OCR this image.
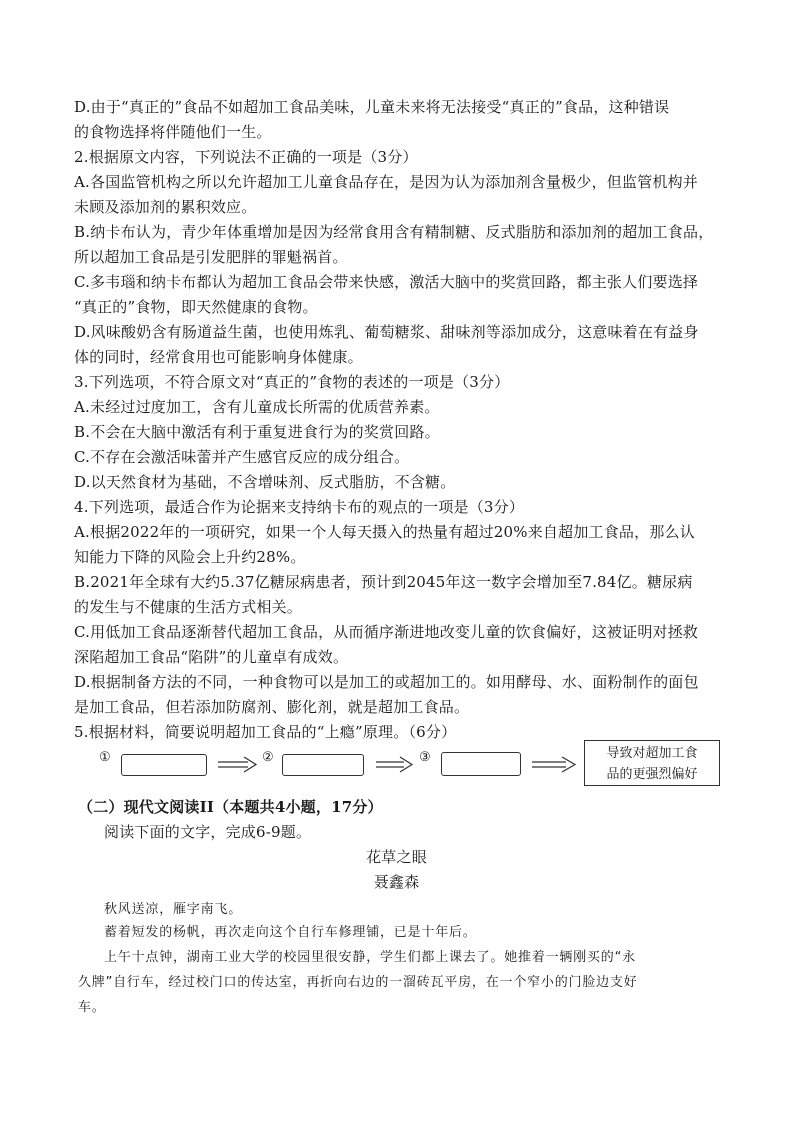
D.由于“真正的”食品不如超加工食品美味，儿童未来将无法接受“真正的”食品，这种错误
的食物选择将伴随他们一生。
2.根据原文内容，下列说法不正确的一项是（3分）
A.各国监管机构之所以允许超加工儿童食品存在，是因为认为添加剂含量极少，但监管机构并
未顾及添加剂的累积效应。
B.纳卡布认为，青少年体重增加是因为经常食用含有精制糖、反式脂肪和添加剂的超加工食品，
所以超加工食品是引发肥胖的罪魁祸首。
C.多韦瑙和纳卡布都认为超加工食品会带来快感，激活大脑中的奖赏回路，都主张人们要选择
“真正的”食物，即天然健康的食物。
D.风味酸奶含有肠道益生菌，也使用炼乳、葡萄糖浆、甜味剂等添加成分，这意味着在有益身
体的同时，经常食用也可能影响身体健康。
3.下列选项，不符合原文对“真正的”食物的表述的一项是（3分）
A.未经过过度加工，含有儿童成长所需的优质营养素。
B.不会在大脑中激活有利于重复进食行为的奖赏回路。
C.不存在会激活味蕾并产生感官反应的成分组合。
D.以天然食材为基础，不含增味剂、反式脂肪，不含糖。
4.下列选项，最适合作为论据来支持纳卡布的观点的一项是（3分）
A.根据2022年的一项研究，如果一个人每天摄入的热量有超过20%来自超加工食品，那么认
知能力下降的风险会上升约28%。
B.2021年全球有大约5.37亿糖尿病患者，预计到2045年这一数字会增加至7.84亿。糖尿病
的发生与不健康的生活方式相关。
C.用低加工食品逐渐替代超加工食品，从而循序渐进地改变儿童的饮食偏好，这被证明对拯救
深陷超加工食品“陷阱”的儿童卓有成效。
D.根据制备方法的不同，一种食物可以是加工的或超加工的。如用酵母、水、面粉制作的面包
是加工食品，但若添加防腐剂、膨化剂，就是超加工食品。
5.根据材料，简要说明超加工食品的“上瘾”原理。（6分）
①	②	③	导致对超加工食
品的更强烈偏好
（二）现代文阅读II（本题共4小题，17分）
阅读下面的文字，完成6-9题。
花草之眼
聂鑫森
秋风送凉，雁字南飞。
蓄着短发的杨帆，再次走向这个自行车修理铺，已是十年后。
上午十点钟，湖南工业大学的校园里很安静，学生们都上课去了。她推着一辆刚买的“永
久牌”自行车，经过校门口的传达室，再折向右边的一溜砖瓦平房，在一个窄小的门脸边支好
车。
